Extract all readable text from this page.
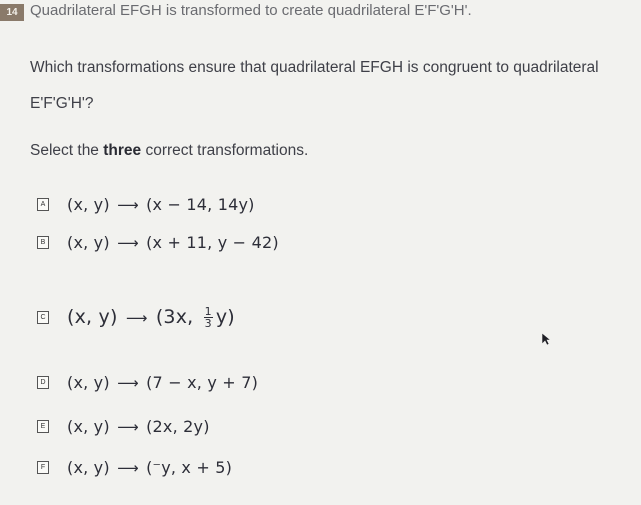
14 Quadrilateral EFGH is transformed to create quadrilateral E'F'G'H'.
Which transformations ensure that quadrilateral EFGH is congruent to quadrilateral E'F'G'H'?
Select the three correct transformations.
A (x, y) ⟶ (x − 14, 14y)
B (x, y) ⟶ (x + 11, y − 42)
C (x, y) ⟶ (3x, $\frac{1}{3} y$)
D (x, y) ⟶ (7 − x, y + 7)
E (x, y) ⟶ (2x, 2y)
F (x, y) ⟶ (⁻y, x + 5)
